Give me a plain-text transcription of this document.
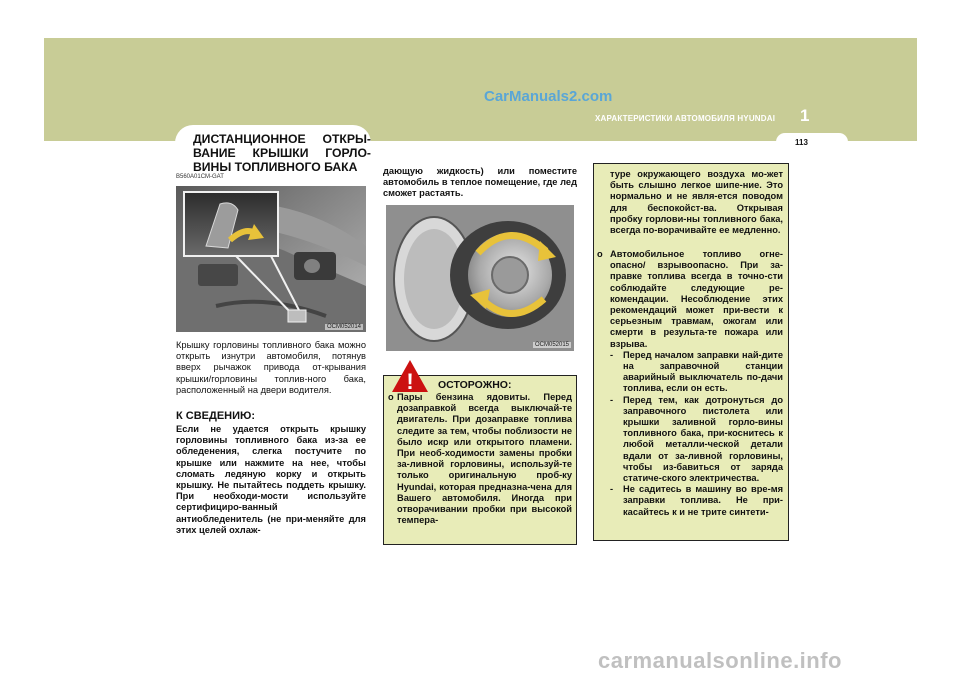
CarManuals2.com
ХАРАКТЕРИСТИКИ АВТОМОБИЛЯ HYUNDAI 1
113
ДИСТАНЦИОННОЕ ОТКРЫ-ВАНИЕ КРЫШКИ ГОРЛО-ВИНЫ ТОПЛИВНОГО БАКА
B560A01CM-GAT
OCM052014
Крышку горловины топливного бака можно открыть изнутри автомобиля, потянув вверх рычажок привода от-крывания крышки/горловины топлив-ного бака, расположенный на двери водителя.
К СВЕДЕНИЮ:
Если не удается открыть крышку горловины топливного бака из-за ее обледенения, слегка постучите по крышке или нажмите на нее, чтобы сломать ледяную корку и открыть крышку. Не пытайтесь поддеть крышку. При необходи-мости используйте сертифициро-ванный антиобледенитель (не при-меняйте для этих целей охлаж-
дающую жидкость) или поместите автомобиль в теплое помещение, где лед сможет растаять.
OCM052015
! ОСТОРОЖНО:
o Пары бензина ядовиты. Перед дозаправкой всегда выключай-те двигатель. При дозаправке топлива следите за тем, чтобы поблизости не было искр или открытого пламени. При необ-ходимости замены пробки за-ливной горловины, используй-те только оригинальную проб-ку Hyundai, которая предназна-чена для Вашего автомобиля. Иногда при отворачивании пробки при высокой темпера-
туре окружающего воздуха мо-жет быть слышно легкое шипе-ние. Это нормально и не явля-ется поводом для беспокойст-ва. Открывая пробку горлови-ны топливного бака, всегда по-ворачивайте ее медленно.
o Автомобильное топливо огне-опасно/ взрывоопасно. При за-правке топлива всегда в точно-сти соблюдайте следующие ре-комендации. Несоблюдение этих рекомендаций может при-вести к серьезным травмам, ожогам или смерти в результа-те пожара или взрыва.
- Перед началом заправки най-дите на заправочной станции аварийный выключатель по-дачи топлива, если он есть.
- Перед тем, как дотронуться до заправочного пистолета или крышки заливной горло-вины топливного бака, при-коснитесь к любой металли-ческой детали вдали от за-ливной горловины, чтобы из-бавиться от заряда статиче-ского электричества.
- Не садитесь в машину во вре-мя заправки топлива. Не при-касайтесь к и не трите синтети-
carmanualsonline.info
